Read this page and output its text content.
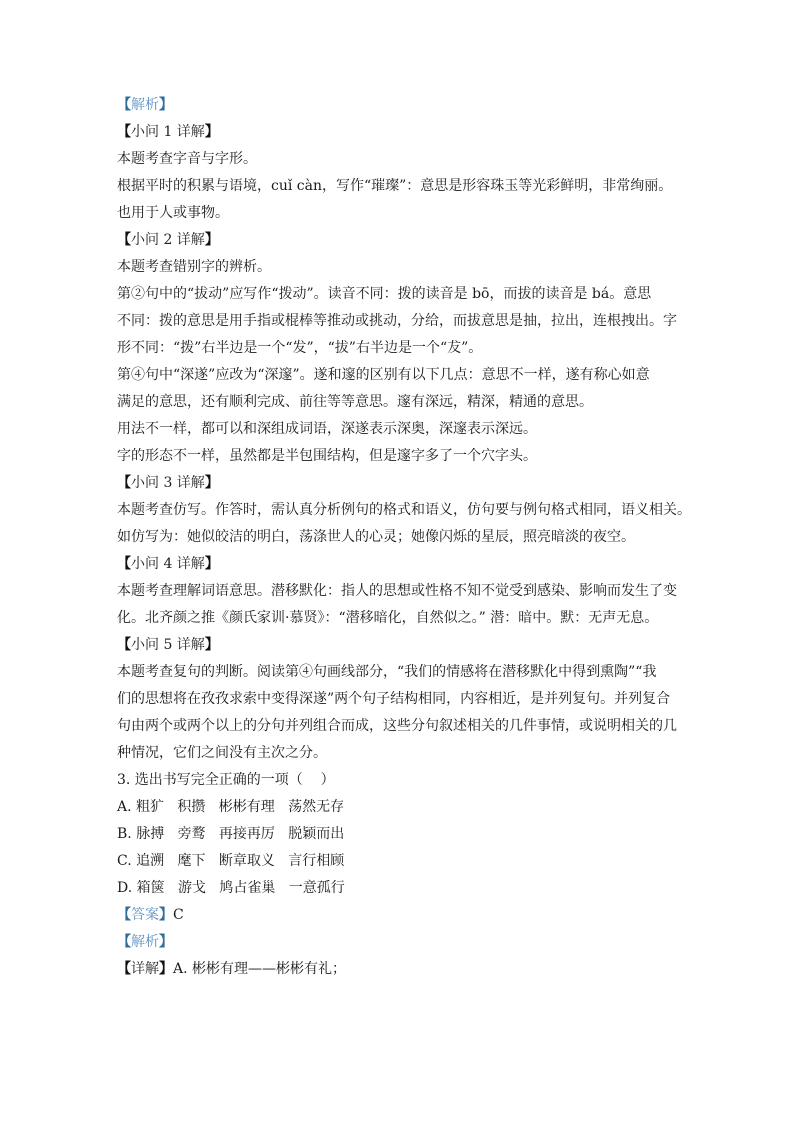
【解析】
【小问 1 详解】
本题考查字音与字形。
根据平时的积累与语境，cuǐ càn，写作“璀璨”：意思是形容珠玉等光彩鲜明，非常绚丽。
也用于人或事物。
【小问 2 详解】
本题考查错别字的辨析。
第②句中的“拔动”应写作“拨动”。读音不同：拨的读音是 bō，而拔的读音是 bá。意思
不同：拨的意思是用手指或棍棒等推动或挑动，分给，而拔意思是抽，拉出，连根拽出。字
形不同：“拨”右半边是一个“发”，“拔”右半边是一个“犮”。
第④句中“深遂”应改为“深邃”。遂和邃的区别有以下几点：意思不一样，遂有称心如意
满足的意思，还有顺利完成、前往等等意思。邃有深远，精深，精通的意思。
用法不一样，都可以和深组成词语，深遂表示深奥，深邃表示深远。
字的形态不一样，虽然都是半包围结构，但是邃字多了一个穴字头。
【小问 3 详解】
本题考查仿写。作答时，需认真分析例句的格式和语义，仿句要与例句格式相同，语义相关。
如仿写为：她似皎洁的明白，荡涤世人的心灵；她像闪烁的星辰，照亮暗淡的夜空。
【小问 4 详解】
本题考查理解词语意思。潜移默化：指人的思想或性格不知不觉受到感染、影响而发生了变
化。北齐颜之推《颜氏家训·慕贤》：“潜移暗化，自然似之。” 潜：暗中。默：无声无息。
【小问 5 详解】
本题考查复句的判断。阅读第④句画线部分，“我们的情感将在潜移默化中得到熏陶”“我
们的思想将在孜孜求索中变得深遂”两个句子结构相同，内容相近，是并列复句。并列复合
句由两个或两个以上的分句并列组合而成，这些分句叙述相关的几件事情，或说明相关的几
种情况，它们之间没有主次之分。
3. 选出书写完全正确的一项（    ）
A. 粗犷 积攒 彬彬有理 荡然无存
B. 脉搏 旁鹜 再接再厉 脱颖而出
C. 追溯 麾下 断章取义 言行相顾
D. 箱箧 游戈 鸠占雀巢 一意孤行
【答案】C
【解析】
【详解】A. 彬彬有理——彬彬有礼；
